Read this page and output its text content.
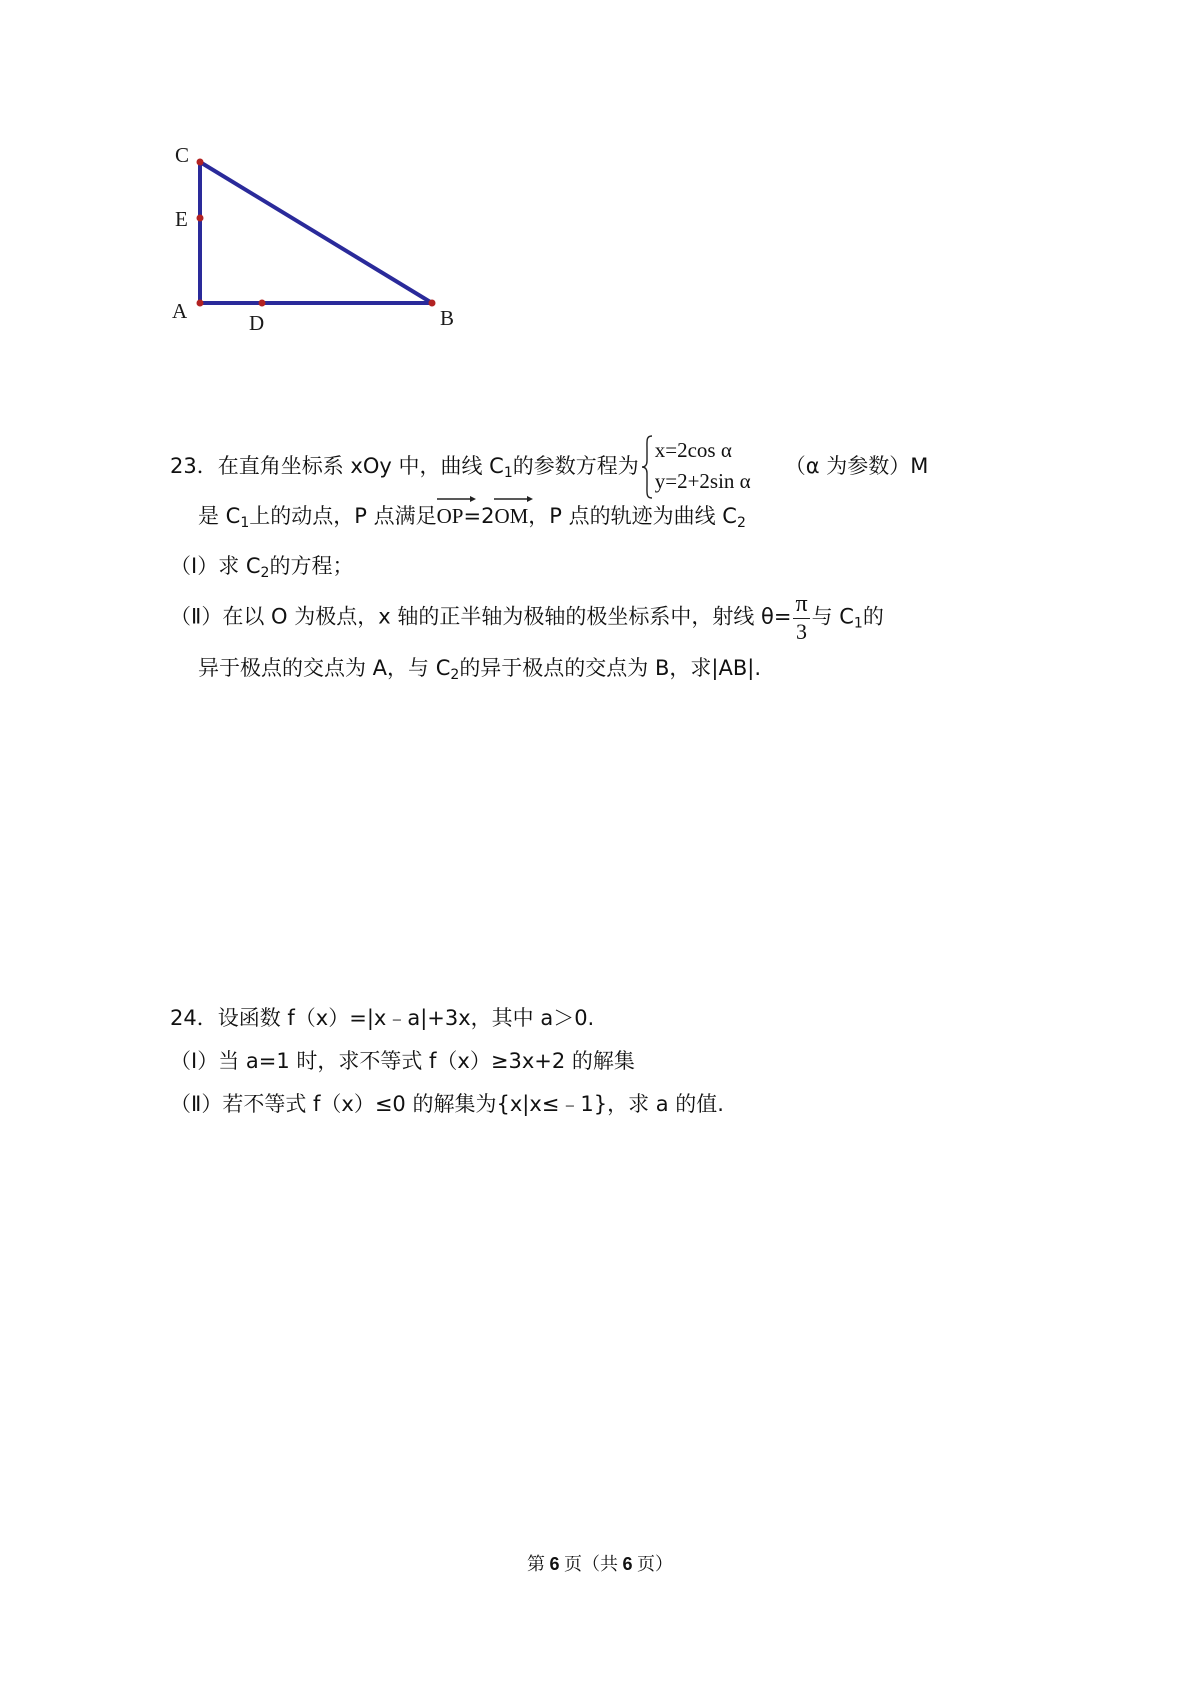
C
E
A	D	B
23．在直角坐标系 xOy 中，曲线 $C_1$的参数方程为
x=2cos α
y=2+2sin α
（α 为参数）M
是 $C_1$上的动点，P 点满足
OP=2
OM，P 点的轨迹为曲线 $C_2$
（Ⅰ）求 $C_2$的方程；
（Ⅱ）在以 O 为极点，x 轴的正半轴为极轴的极坐标系中，射线 $\theta= \frac{\pi}{3}$ 与 $C_1$的
异于极点的交点为 A，与 $C_2$的异于极点的交点为 B，求|AB|.
24．设函数 f（x）=|x﹣a|+3x，其中 a＞0.
（Ⅰ）当 a=1 时，求不等式 f（x）≥3x+2 的解集
（Ⅱ）若不等式 f（x）≤0 的解集为{x|x≤﹣1}，求 a 的值.
第 6 页（共 6 页）
